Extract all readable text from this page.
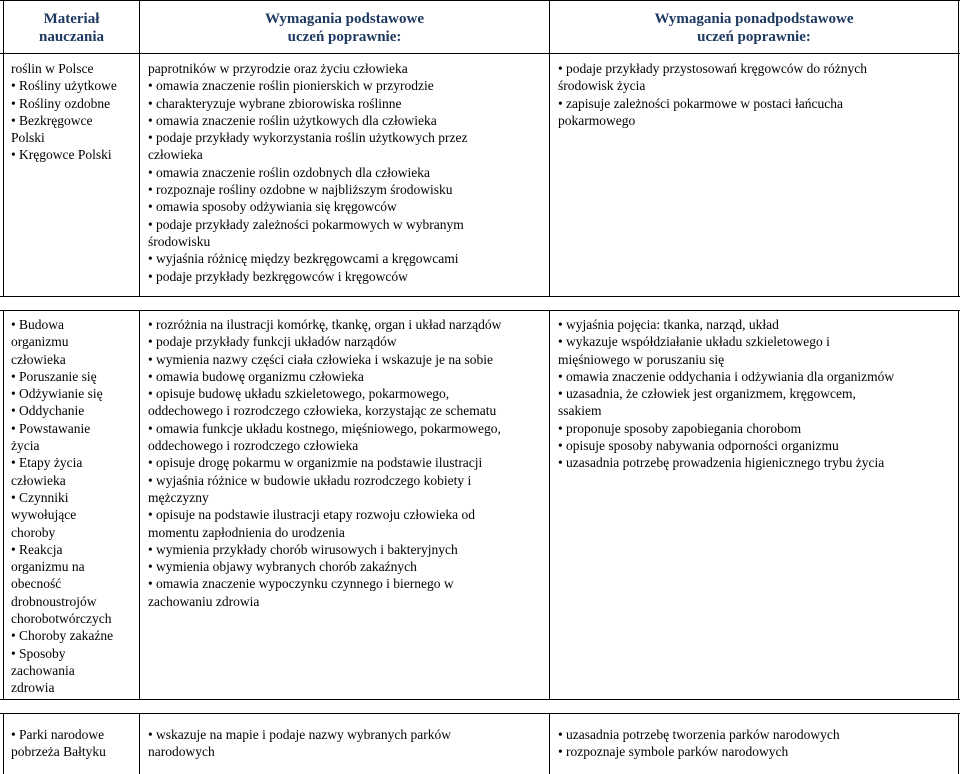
Materiał
nauczania
Wymagania podstawowe
uczeń poprawnie:
Wymagania ponadpodstawowe
uczeń poprawnie:
roślin w Polsce
• Rośliny użytkowe
• Rośliny ozdobne
• Bezkręgowce
Polski
• Kręgowce Polski
paprotników w przyrodzie oraz życiu człowieka
• omawia znaczenie roślin pionierskich w przyrodzie
• charakteryzuje wybrane zbiorowiska roślinne
• omawia znaczenie roślin użytkowych dla człowieka
• podaje przykłady wykorzystania roślin użytkowych przez
człowieka
• omawia znaczenie roślin ozdobnych dla człowieka
• rozpoznaje rośliny ozdobne w najbliższym środowisku
• omawia sposoby odżywiania się kręgowców
• podaje przykłady zależności pokarmowych w wybranym
środowisku
• wyjaśnia różnicę między bezkręgowcami a kręgowcami
• podaje przykłady bezkręgowców i kręgowców
• podaje przykłady przystosowań kręgowców do różnych
środowisk życia
• zapisuje zależności pokarmowe w postaci łańcucha
pokarmowego
• Budowa
organizmu
człowieka
• Poruszanie się
• Odżywianie się
• Oddychanie
• Powstawanie
życia
• Etapy życia
człowieka
• Czynniki
wywołujące
choroby
• Reakcja
organizmu na
obecność
drobnoustrojów
chorobotwórczych
• Choroby zakaźne
• Sposoby
zachowania
zdrowia
• rozróżnia na ilustracji komórkę, tkankę, organ i układ narządów
• podaje przykłady funkcji układów narządów
• wymienia nazwy części ciała człowieka i wskazuje je na sobie
• omawia budowę organizmu człowieka
• opisuje budowę układu szkieletowego, pokarmowego,
oddechowego i rozrodczego człowieka, korzystając ze schematu
• omawia funkcje układu kostnego, mięśniowego, pokarmowego,
oddechowego i rozrodczego człowieka
• opisuje drogę pokarmu w organizmie na podstawie ilustracji
• wyjaśnia różnice w budowie układu rozrodczego kobiety i
mężczyzny
• opisuje na podstawie ilustracji etapy rozwoju człowieka od
momentu zapłodnienia do urodzenia
• wymienia przykłady chorób wirusowych i bakteryjnych
• wymienia objawy wybranych chorób zakaźnych
• omawia znaczenie wypoczynku czynnego i biernego w
zachowaniu zdrowia
• wyjaśnia pojęcia: tkanka, narząd, układ
• wykazuje współdziałanie układu szkieletowego i
mięśniowego w poruszaniu się
• omawia znaczenie oddychania i odżywiania dla organizmów
• uzasadnia, że człowiek jest organizmem, kręgowcem,
ssakiem
• proponuje sposoby zapobiegania chorobom
• opisuje sposoby nabywania odporności organizmu
• uzasadnia potrzebę prowadzenia higienicznego trybu życia
• Parki narodowe
pobrzeża Bałtyku
• wskazuje na mapie i podaje nazwy wybranych parków
narodowych
• uzasadnia potrzebę tworzenia parków narodowych
• rozpoznaje symbole parków narodowych
